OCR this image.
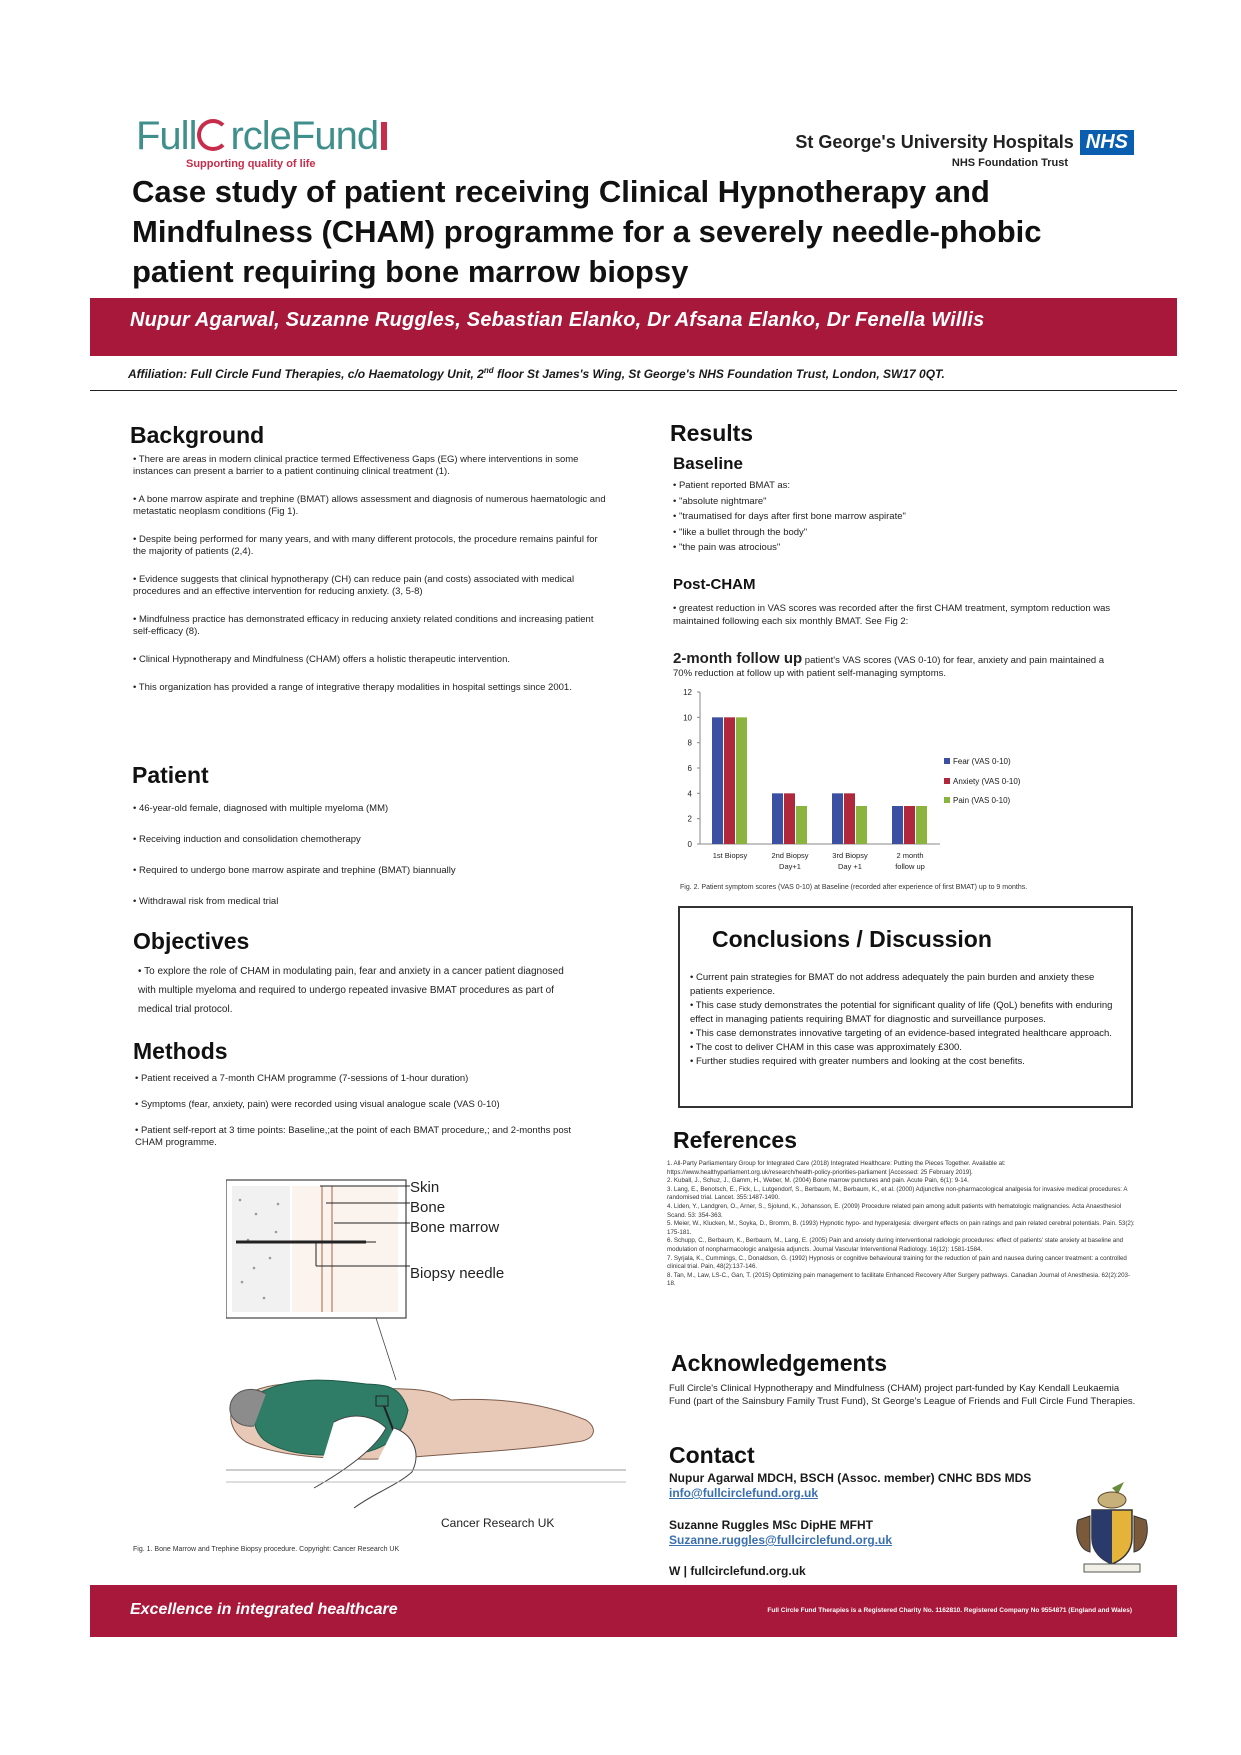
Full rcleFund
Supporting quality of life
St George's University Hospitals NHS
NHS Foundation Trust
Case study of patient receiving Clinical Hypnotherapy and
Mindfulness (CHAM) programme for a severely needle-phobic
patient requiring bone marrow biopsy
Nupur Agarwal, Suzanne Ruggles, Sebastian Elanko, Dr Afsana Elanko, Dr Fenella Willis
Affiliation: Full Circle Fund Therapies, c/o Haematology Unit, 2nd floor St James's Wing, St George's NHS Foundation Trust, London, SW17 0QT.
Background

• There are areas in modern clinical practice termed Effectiveness Gaps (EG) where interventions in some instances can present a barrier to a patient continuing clinical treatment (1).

• A bone marrow aspirate and trephine (BMAT) allows assessment and diagnosis of numerous haematologic and metastatic neoplasm conditions (Fig 1).

• Despite being performed for many years, and with many different protocols, the procedure remains painful for the majority of patients (2,4).

• Evidence suggests that clinical hypnotherapy (CH) can reduce pain (and costs) associated with medical procedures and an effective intervention for reducing anxiety. (3, 5-8)

• Mindfulness practice has demonstrated efficacy in reducing anxiety related conditions and increasing patient self-efficacy (8).

• Clinical Hypnotherapy and Mindfulness (CHAM) offers a holistic therapeutic intervention.

• This organization has provided a range of integrative therapy modalities in hospital settings since 2001.

Patient
• 46-year-old female, diagnosed with multiple myeloma (MM)
• Receiving induction and consolidation chemotherapy
• Required to undergo bone marrow aspirate and trephine (BMAT) biannually
• Withdrawal risk from medical trial
Objectives
• To explore the role of CHAM in modulating pain, fear and anxiety in a cancer patient diagnosed with multiple myeloma and required to undergo repeated invasive BMAT procedures as part of medical trial protocol.
Methods

• Patient received a 7-month CHAM programme (7-sessions of 1-hour duration)

• Symptoms (fear, anxiety, pain) were recorded using visual analogue scale (VAS 0-10)

• Patient self-report at 3 time points: Baseline,;at the point of each BMAT procedure,; and 2-months post CHAM programme.

Skin
Bone
Bone marrow
Biopsy needle
Cancer Research UK
Fig. 1. Bone Marrow and Trephine Biopsy procedure. Copyright: Cancer Research UK
Results
Baseline
• Patient reported BMAT as:
• "absolute nightmare"
• "traumatised for days after first bone marrow aspirate"
• "like a bullet through the body"
• "the pain was atrocious"
Post-CHAM
• greatest reduction in VAS scores was recorded after the first CHAM treatment, symptom reduction was maintained following each six monthly BMAT. See Fig 2:
2-month follow up patient's VAS scores (VAS 0-10) for fear, anxiety and pain maintained a 70% reduction at follow up with patient self-managing symptoms.
0
2
4
6
8
10
12
1st Biopsy	2nd Biopsy
Day+1
3rd Biopsy
Day +1
2 month
follow up
Fear (VAS 0-10)
Anxiety (VAS 0-10)
Pain (VAS 0-10)
Fig. 2. Patient symptom scores (VAS 0-10) at Baseline (recorded after experience of first BMAT) up to 9 months.
Conclusions / Discussion
• Current pain strategies for BMAT do not address adequately the pain burden and anxiety these patients experience.
• This case study demonstrates the potential for significant quality of life (QoL) benefits with enduring effect in managing patients requiring BMAT for diagnostic and surveillance purposes.
• This case demonstrates innovative targeting of an evidence-based integrated healthcare approach.
• The cost to deliver CHAM in this case was approximately £300.
• Further studies required with greater numbers and looking at the cost benefits.
References
1. All-Party Parliamentary Group for Integrated Care (2018) Integrated Healthcare: Putting the Pieces Together. Available at: https://www.healthyparliament.org.uk/research/health-policy-priorities-parliament [Accessed: 25 February 2019].
2. Kuball, J., Schuz, J., Gamm, H., Weber, M. (2004) Bone marrow punctures and pain. Acute Pain, 6(1): 9-14.
3. Lang, E., Benotsch, E., Fick, L., Lutgendorf, S., Berbaum, M., Berbaum, K., et al. (2000) Adjunctive non-pharmacological analgesia for invasive medical procedures: A randomised trial. Lancet. 355:1487-1490.
4. Liden, Y., Landgren, O., Arner, S., Sjolund, K., Johansson, E. (2009) Procedure related pain among adult patients with hematologic malignancies. Acta Anaesthesiol Scand. 53: 354-363.
5. Meier, W., Klucken, M., Soyka, D., Bromm, B. (1993) Hypnotic hypo- and hyperalgesia: divergent effects on pain ratings and pain related cerebral potentials. Pain. 53(2): 175-181.
6. Schupp, C., Berbaum, K., Berbaum, M., Lang, E. (2005) Pain and anxiety during interventional radiologic procedures: effect of patients' state anxiety at baseline and modulation of nonpharmacologic analgesia adjuncts. Journal Vascular Interventional Radiology. 16(12): 1581-1584.
7. Syrjala, K., Cummings, C., Donaldson, G. (1992) Hypnosis or cognitive behavioural training for the reduction of pain and nausea during cancer treatment: a controlled clinical trial. Pain, 48(2):137-146.
8. Tan, M., Law, LS-C., Gan, T. (2015) Optimizing pain management to facilitate Enhanced Recovery After Surgery pathways. Canadian Journal of Anesthesia. 62(2):203-18.
Acknowledgements
Full Circle's Clinical Hypnotherapy and Mindfulness (CHAM) project part-funded by Kay Kendall Leukaemia Fund (part of the Sainsbury Family Trust Fund), St George's League of Friends and Full Circle Fund Therapies.
Contact
Nupur Agarwal MDCH, BSCH (Assoc. member) CNHC BDS MDS
info@fullcirclefund.org.uk
Suzanne Ruggles MSc DipHE MFHT
Suzanne.ruggles@fullcirclefund.org.uk
W | fullcirclefund.org.uk
Excellence in integrated healthcare	Full Circle Fund Therapies is a Registered Charity No. 1162810. Registered Company No 9554871 (England and Wales)
